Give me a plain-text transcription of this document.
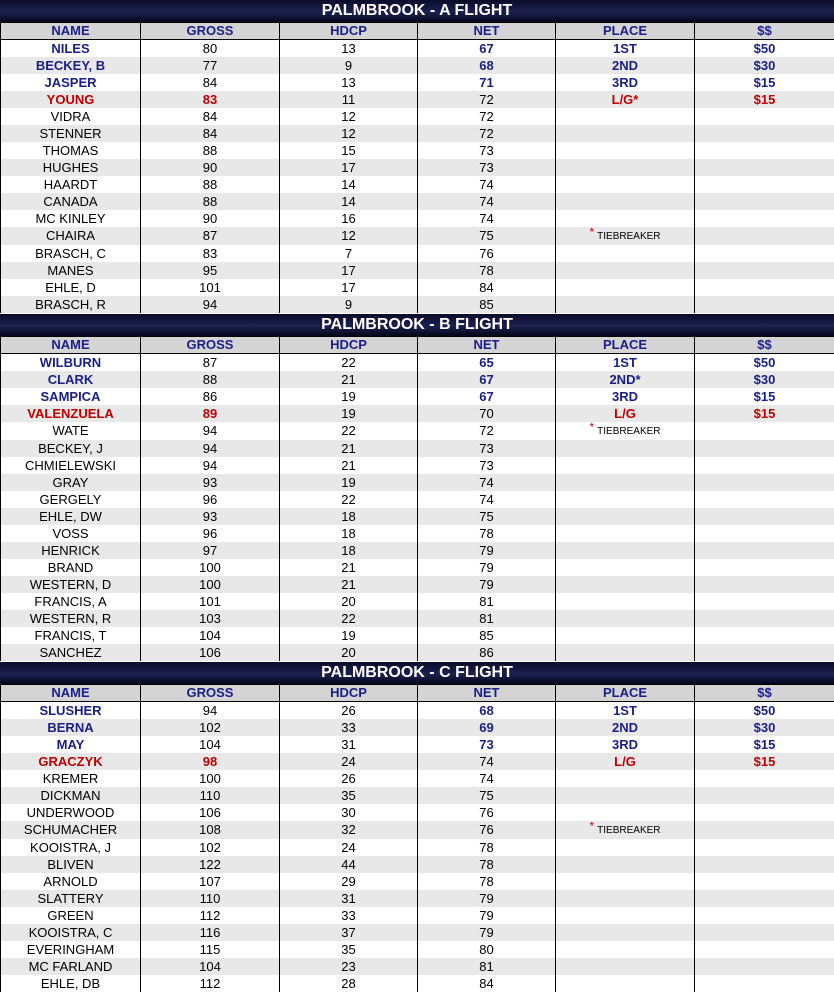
PALMBROOK - A FLIGHT
NAME	GROSS	HDCP	NET	PLACE	$$
NILES	80	13	67	1ST	$50
BECKEY, B	77	9	68	2ND	$30
JASPER	84	13	71	3RD	$15
YOUNG	83	11	72	L/G*	$15
VIDRA	84	12	72		
STENNER	84	12	72		
THOMAS	88	15	73		
HUGHES	90	17	73		
HAARDT	88	14	74		
CANADA	88	14	74		
MC KINLEY	90	16	74		
CHAIRA	87	12	75	* TIEBREAKER	
BRASCH, C	83	7	76		
MANES	95	17	78		
EHLE, D	101	17	84		
BRASCH, R	94	9	85		
PALMBROOK - B FLIGHT
NAME	GROSS	HDCP	NET	PLACE	$$
WILBURN	87	22	65	1ST	$50
CLARK	88	21	67	2ND*	$30
SAMPICA	86	19	67	3RD	$15
VALENZUELA	89	19	70	L/G	$15
WATE	94	22	72	* TIEBREAKER	
BECKEY, J	94	21	73		
CHMIELEWSKI	94	21	73		
GRAY	93	19	74		
GERGELY	96	22	74		
EHLE, DW	93	18	75		
VOSS	96	18	78		
HENRICK	97	18	79		
BRAND	100	21	79		
WESTERN, D	100	21	79		
FRANCIS, A	101	20	81		
WESTERN, R	103	22	81		
FRANCIS, T	104	19	85		
SANCHEZ	106	20	86		
PALMBROOK - C FLIGHT
NAME	GROSS	HDCP	NET	PLACE	$$
SLUSHER	94	26	68	1ST	$50
BERNA	102	33	69	2ND	$30
MAY	104	31	73	3RD	$15
GRACZYK	98	24	74	L/G	$15
KREMER	100	26	74		
DICKMAN	110	35	75		
UNDERWOOD	106	30	76		
SCHUMACHER	108	32	76	* TIEBREAKER	
KOOISTRA, J	102	24	78		
BLIVEN	122	44	78		
ARNOLD	107	29	78		
SLATTERY	110	31	79		
GREEN	112	33	79		
KOOISTRA, C	116	37	79		
EVERINGHAM	115	35	80		
MC FARLAND	104	23	81		
EHLE, DB	112	28	84		
